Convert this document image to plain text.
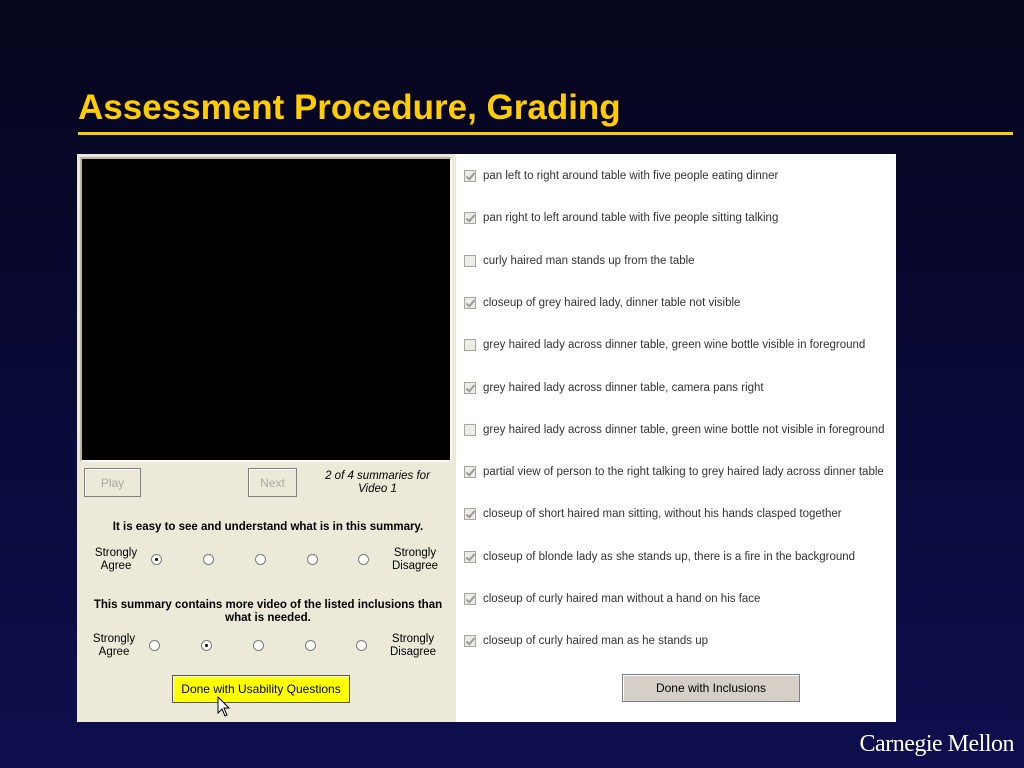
Assessment Procedure, Grading
Play	Next	2 of 4 summaries for Video 1
It is easy to see and understand what is in this summary.
Strongly Agree
Strongly Disagree
This summary contains more video of the listed inclusions than what is needed.
Strongly Agree
Strongly Disagree
Done with Usability Questions
pan left to right around table with five people eating dinner
pan right to left around table with five people sitting talking
curly haired man stands up from the table
closeup of grey haired lady, dinner table not visible
grey haired lady across dinner table, green wine bottle visible in foreground
grey haired lady across dinner table, camera pans right
grey haired lady across dinner table, green wine bottle not visible in foreground
partial view of person to the right talking to grey haired lady across dinner table
closeup of short haired man sitting, without his hands clasped together
closeup of blonde lady as she stands up, there is a fire in the background
closeup of curly haired man without a hand on his face
closeup of curly haired man as he stands up
Done with Inclusions
Carnegie Mellon
